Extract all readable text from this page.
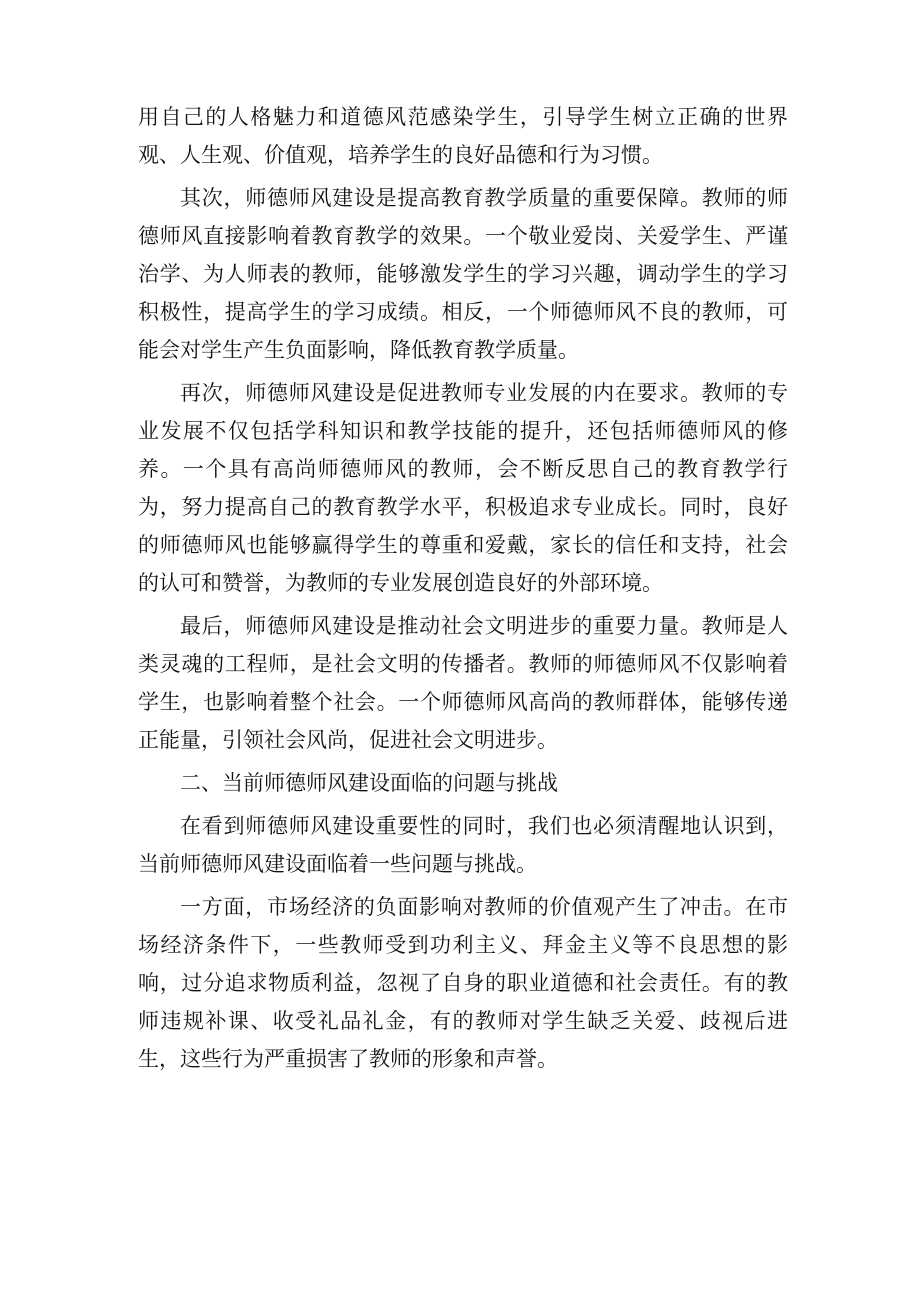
用自己的人格魅力和道德风范感染学生，引导学生树立正确的世界观、人生观、价值观，培养学生的良好品德和行为习惯。

其次，师德师风建设是提高教育教学质量的重要保障。教师的师德师风直接影响着教育教学的效果。一个敬业爱岗、关爱学生、严谨治学、为人师表的教师，能够激发学生的学习兴趣，调动学生的学习积极性，提高学生的学习成绩。相反，一个师德师风不良的教师，可能会对学生产生负面影响，降低教育教学质量。

再次，师德师风建设是促进教师专业发展的内在要求。教师的专业发展不仅包括学科知识和教学技能的提升，还包括师德师风的修养。一个具有高尚师德师风的教师，会不断反思自己的教育教学行为，努力提高自己的教育教学水平，积极追求专业成长。同时，良好的师德师风也能够赢得学生的尊重和爱戴，家长的信任和支持，社会的认可和赞誉，为教师的专业发展创造良好的外部环境。

最后，师德师风建设是推动社会文明进步的重要力量。教师是人类灵魂的工程师，是社会文明的传播者。教师的师德师风不仅影响着学生，也影响着整个社会。一个师德师风高尚的教师群体，能够传递正能量，引领社会风尚，促进社会文明进步。

二、当前师德师风建设面临的问题与挑战

在看到师德师风建设重要性的同时，我们也必须清醒地认识到，当前师德师风建设面临着一些问题与挑战。

一方面，市场经济的负面影响对教师的价值观产生了冲击。在市场经济条件下，一些教师受到功利主义、拜金主义等不良思想的影响，过分追求物质利益，忽视了自身的职业道德和社会责任。有的教师违规补课、收受礼品礼金，有的教师对学生缺乏关爱、歧视后进生，这些行为严重损害了教师的形象和声誉。
